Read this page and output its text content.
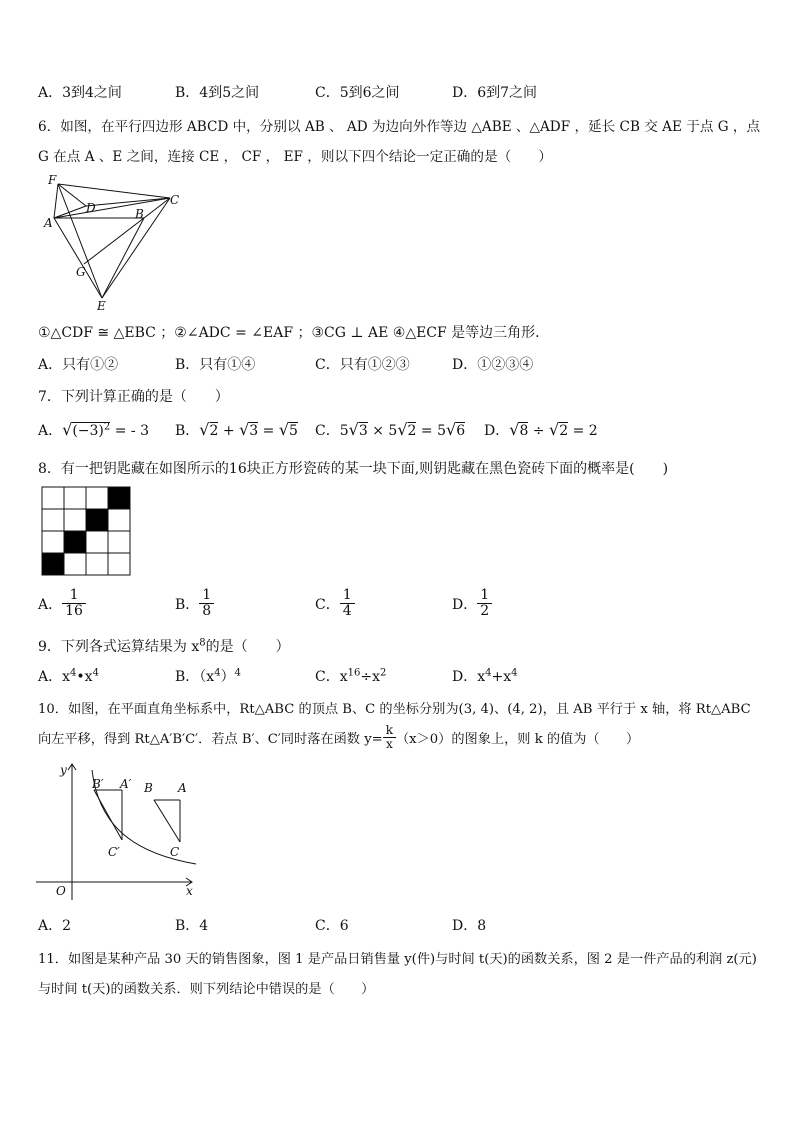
A．3到4之间	B．4到5之间	C．5到6之间	D．6到7之间
6．如图，在平行四边形 ABCD 中，分别以 AB 、 AD 为边向外作等边 △ABE 、△ADF ，延长 CB 交 AE 于点 G ，点
G 在点 A 、E 之间，连接 CE ， CF ， EF ，则以下四个结论一定正确的是（　　）
F
D	B
C
A
G
E
①△CDF ≅ △EBC ；②∠ADC = ∠EAF ；③CG ⊥ AE ④△ECF 是等边三角形．
A．只有①②	B．只有①④	C．只有①②③	D．①②③④
7．下列计算正确的是（　　）
A．$√(-3)^2$ = - 3 B．√2 + √3 = √5 C．5√3 × 5√2 = 5√6 D．√8 ÷ √2 = 2
8．有一把钥匙藏在如图所示的16块正方形瓷砖的某一块下面,则钥匙藏在黑色瓷砖下面的概率是(　　)
A． $\frac{1}{16}$	B． $\frac{1}{8}$	C． $\frac{1}{4}$	D． $\frac{1}{2}$
9．下列各式运算结果为 $x^8$的是（　　）
A．$x^4•x^4$	B．$(x^4)^4$	C．$x^{16}\div x^2$	D．$x^4+x^4$
10．如图，在平面直角坐标系中，Rt△ABC 的顶点 B、C 的坐标分别为(3, 4)、(4, 2)，且 AB 平行于 x 轴，将 Rt△ABC
向左平移，得到 Rt△A′B′C′．若点 B′、C′同时落在函数 $y= \frac{k}{x} (x>0)$的图象上，则 k 的值为（　　）
y
x
O
B′ A′ B A
C′	C
A．2	B．4	C．6	D．8
11．如图是某种产品 30 天的销售图象，图 1 是产品日销售量 y(件)与时间 t(天)的函数关系，图 2 是一件产品的利润 z(元)
与时间 t(天)的函数关系．则下列结论中错误的是（　　）
